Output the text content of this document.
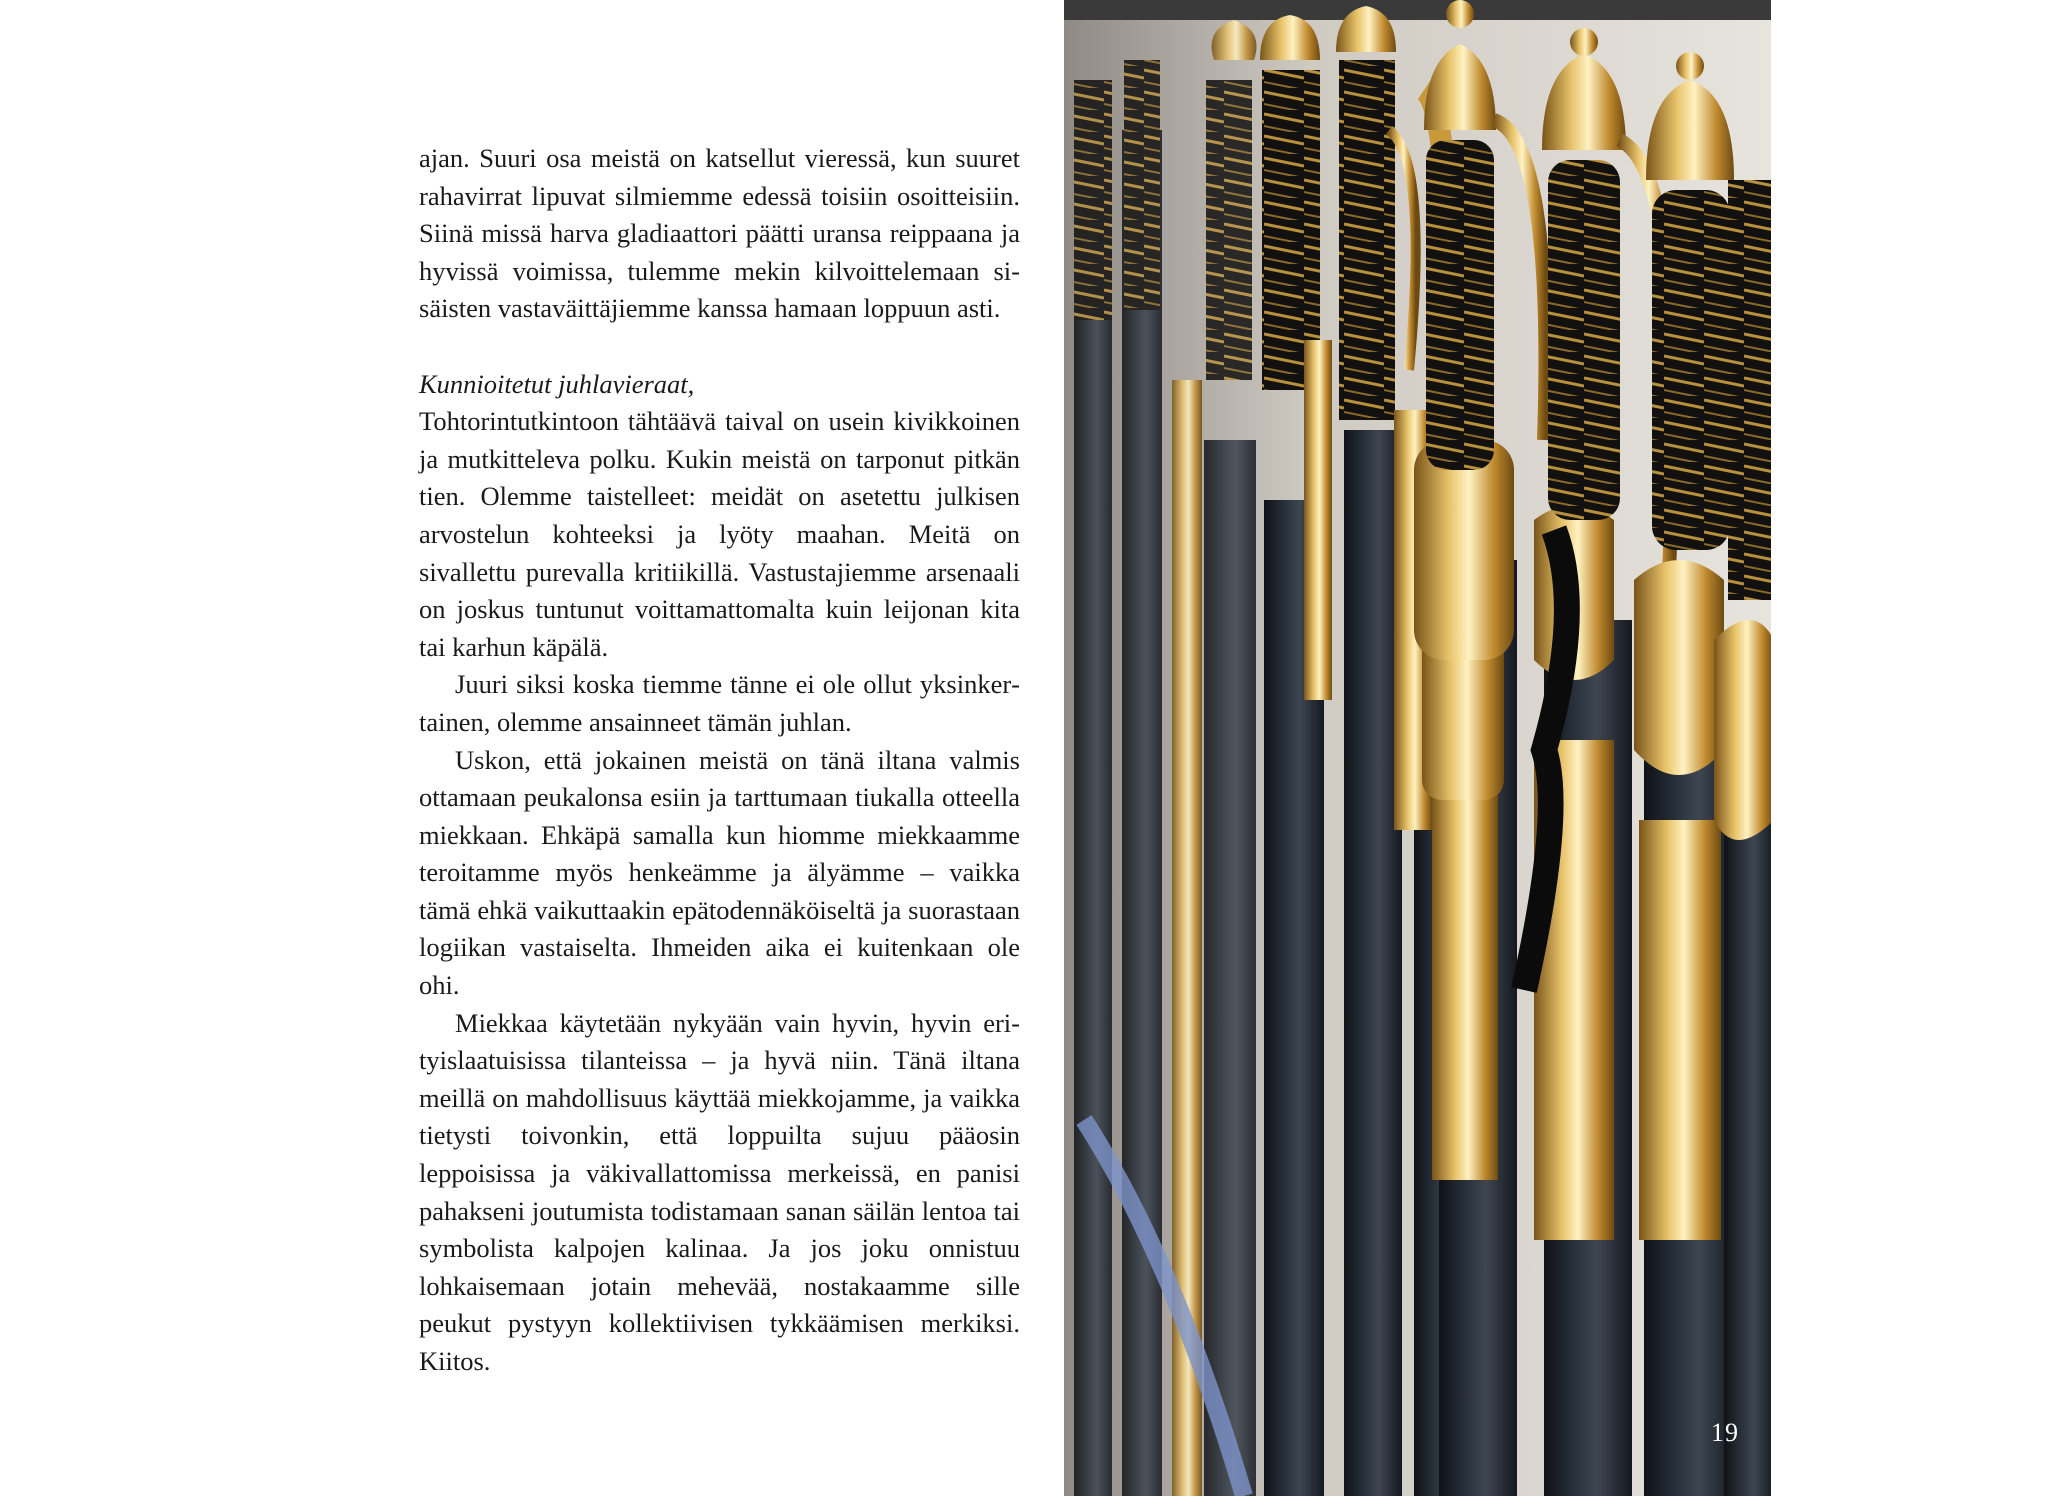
ajan. Suuri osa meistä on katsellut vieressä, kun suuret rahavirrat lipuvat silmiemme edessä toisiin osoitteisiin. Siinä missä harva gladiaattori päätti uransa reippaana ja hyvissä voimissa, tulemme mekin kilvoittelemaan sisäisten vastaväittäjiemme kanssa hamaan loppuun asti.

Kunnioitetut juhlavieraat,

Tohtorintutkintoon tähtäävä taival on usein kivikkoinen ja mutkitteleva polku. Kukin meistä on tarponut pitkän tien. Olemme taistelleet: meidät on asetettu julkisen arvostelun kohteeksi ja lyöty maahan. Meitä on sivallettu purevalla kritiikillä. Vastustajiemme arsenaali on joskus tuntunut voittamattomalta kuin leijonan kita tai karhun käpälä.

Juuri siksi koska tiemme tänne ei ole ollut yksinkertainen, olemme ansainneet tämän juhlan.

Uskon, että jokainen meistä on tänä iltana valmis ottamaan peukalonsa esiin ja tarttumaan tiukalla otteella miekkaan. Ehkäpä samalla kun hiomme miekkaamme teroitamme myös henkeämme ja älyämme – vaikka tämä ehkä vaikuttaakin epätodennäköiseltä ja suorastaan logiikan vastaiselta. Ihmeiden aika ei kuitenkaan ole ohi.

Miekkaa käytetään nykyään vain hyvin, hyvin erityislaatuisissa tilanteissa – ja hyvä niin. Tänä iltana meillä on mahdollisuus käyttää miekkojamme, ja vaikka tietysti toivonkin, että loppuilta sujuu pääosin leppoisissa ja väkivallattomissa merkeissä, en panisi pahakseni joutumista todistamaan sanan säilän lentoa tai symbolista kalpojen kalinaa. Ja jos joku onnistuu lohkaisemaan jotain mehevää, nostakaamme sille peukut pystyyn kollektiivisen tykkäämisen merkiksi. Kiitos.

19
